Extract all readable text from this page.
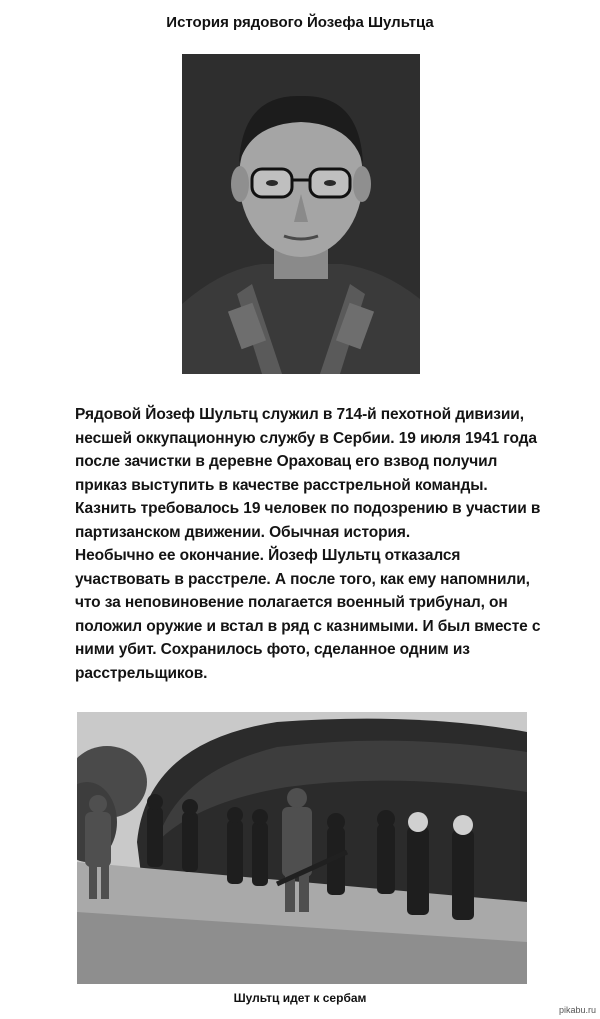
История рядового Йозефа Шультца

Рядовой Йозеф Шультц служил в 714-й пехотной дивизии, несшей оккупационную службу в Сербии. 19 июля 1941 года после зачистки в деревне Ораховац его взвод получил приказ выступить в качестве расстрельной команды. Казнить требовалось 19 человек по подозрению в участии в партизанском движении. Обычная история.

Необычно ее окончание. Йозеф Шультц отказался участвовать в расстреле. А после того, как ему напомнили, что за неповиновение полагается военный трибунал, он положил оружие и встал в ряд с казнимыми. И был вместе с ними убит. Сохранилось фото, сделанное одним из расстрельщиков.

Шультц идет к сербам
pikabu.ru
